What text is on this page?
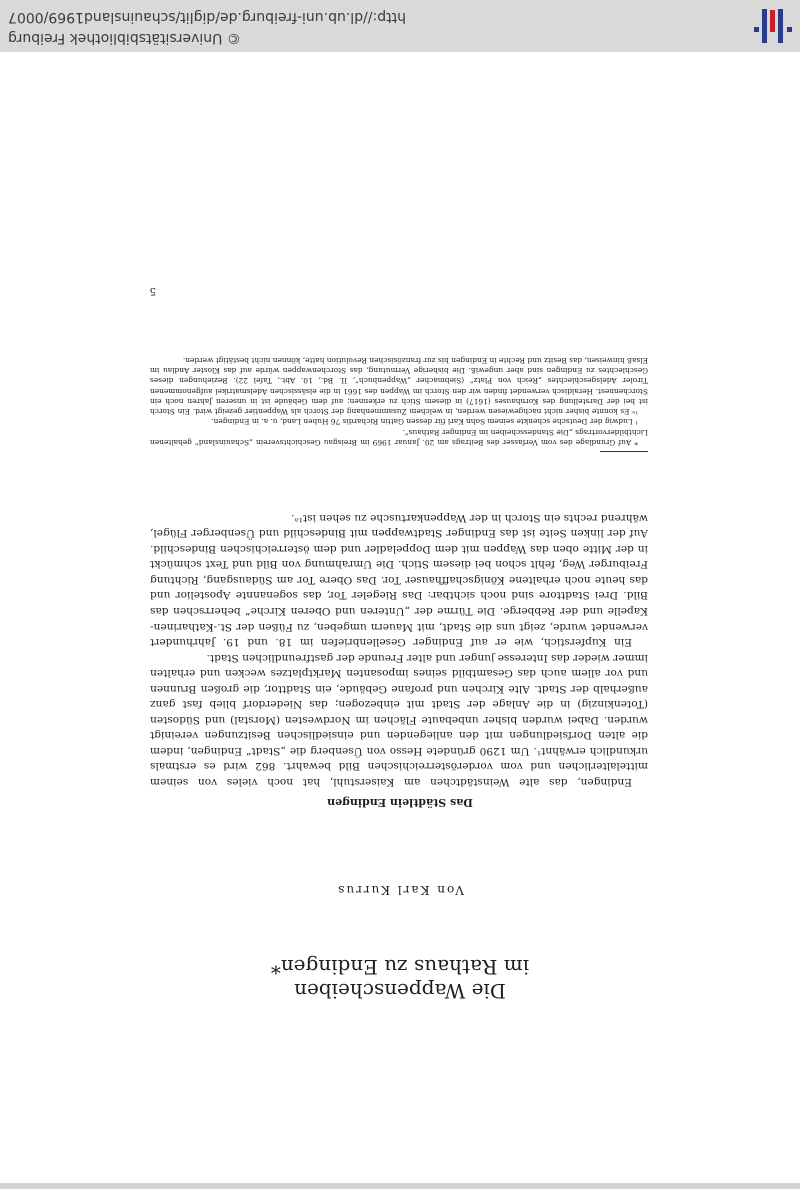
Die Wappenscheiben
im Rathaus zu Endingen*
Von Karl Kurrus
Das Städtlein Endingen

Endingen, das alte Weinstädtchen am Kaiserstuhl, hat noch vieles von seinem mittelalterlichen und vom vorderösterreichischen Bild bewahrt. 862 wird es erstmals urkundlich erwähnt¹. Um 1290 gründete Hesso von Üsenberg die „Stadt“ Endingen, indem die alten Dorfsiedlungen mit den anliegenden und einsiedlischen Besitzungen vereinigt wurden. Dabei wurden bisher unbebaute Flächen im Nordwesten (Morstal) und Südosten (Totenkinzig) in die Anlage der Stadt mit einbezogen; das Niederdorf blieb fast ganz außerhalb der Stadt. Alte Kirchen und profane Gebäude, ein Stadttor, die großen Brunnen und vor allem auch das Gesamtbild seines imposanten Marktplatzes wecken und erhalten immer wieder das Interesse junger und alter Freunde der gastfreundlichen Stadt.

Ein Kupferstich, wie er auf Endinger Gesellenbriefen im 18. und 19. Jahrhundert verwendet wurde, zeigt uns die Stadt, mit Mauern umgeben, zu Füßen der St.-Katharinen-Kapelle und der Rebberge. Die Türme der „Unteren und Oberen Kirche“ beherrschen das Bild. Drei Stadttore sind noch sichtbar: Das Riegeler Tor, das sogenannte Apostelior und das heute noch erhaltene Königschaffhauser Tor. Das Obere Tor am Südausgang, Richtung Freiburger Weg, fehlt schon bei diesem Stich. Die Umrahmung von Bild und Text schmückt in der Mitte oben das Wappen mit dem Doppeladler und dem österreichischen Bindeschild. Auf der linken Seite ist das Endinger Stadtwappen mit Bindeschild und Üsenberger Flügel, während rechts ein Storch in der Wappenkartusche zu sehen ist¹ᵃ.

* Auf Grundlage des vom Verfasser des Beitrags am 20. Januar 1969 im Breisgau Geschichtsverein „Schauinsland“ gehaltenen Lichtbildervortrags „Die Standesscheiben im Endinger Rathaus“.

¹ Ludwig der Deutsche schenkte seinem Sohn Karl für dessen Gattin Richardis 76 Huben Land, u. a. in Endingen.

¹ᵃ Es konnte bisher nicht nachgewiesen werden, in welchem Zusammenhang der Storch als Wappentier gezeigt wird. Ein Storch ist bei der Darstellung des Kornhauses (1617) in diesem Stich zu erkennen; auf dem Gebäude ist in unseren Jahren noch ein Storchennest. Heraldisch verwendet finden wir den Storch im Wappen des 1661 in die elsässischen Adelsmatrikel aufgenommenen Tiroler Adelsgeschlechtes „Reich von Platz“ (Siebmacher „Wappenbuch“, II. Bd., 10. Abt., Tafel 22). Beziehungen dieses Geschlechtes zu Endingen sind aber ungewiß. Die bisherige Vermutung, das Storchenwappen würde auf das Kloster Andlau im Elsaß hinweisen, das Besitz und Rechte in Endingen bis zur französischen Revolution hatte, können nicht bestätigt werden.

5
© Universitätsbibliothek Freiburg
http://dl.ub.uni-freiburg.de/diglit/schauinsland1969/0007
